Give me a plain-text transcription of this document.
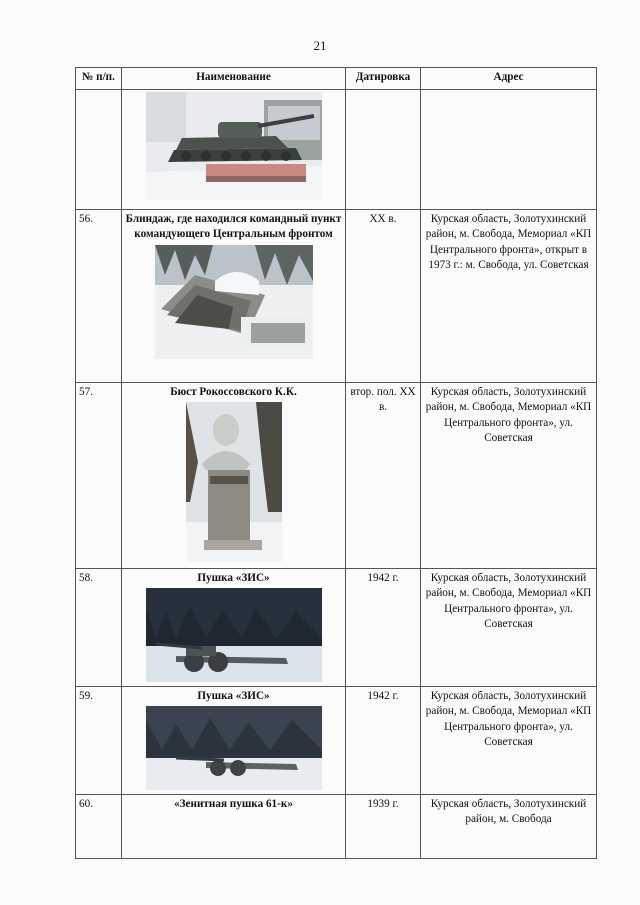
21
№ п/п.	Наименование	Датировка	Адрес

56.	Блиндаж, где находился командный пункт командующего Центральным фронтом	XX в.	Курская область, Золотухинский район, м. Свобода, Мемориал «КП Центрального фронта», открыт в 1973 г.: м. Свобода, ул. Советская
57.	Бюст Рокоссовского К.К.	втор. пол. XX в.	Курская область, Золотухинский район, м. Свобода, Мемориал «КП Центрального фронта», ул. Советская
58.	Пушка «ЗИС»	1942 г.	Курская область, Золотухинский район, м. Свобода, Мемориал «КП Центрального фронта», ул. Советская
59.	Пушка «ЗИС»	1942 г.	Курская область, Золотухинский район, м. Свобода, Мемориал «КП Центрального фронта», ул. Советская
60.	«Зенитная пушка 61-к»	1939 г.	Курская область, Золотухинский район, м. Свобода
